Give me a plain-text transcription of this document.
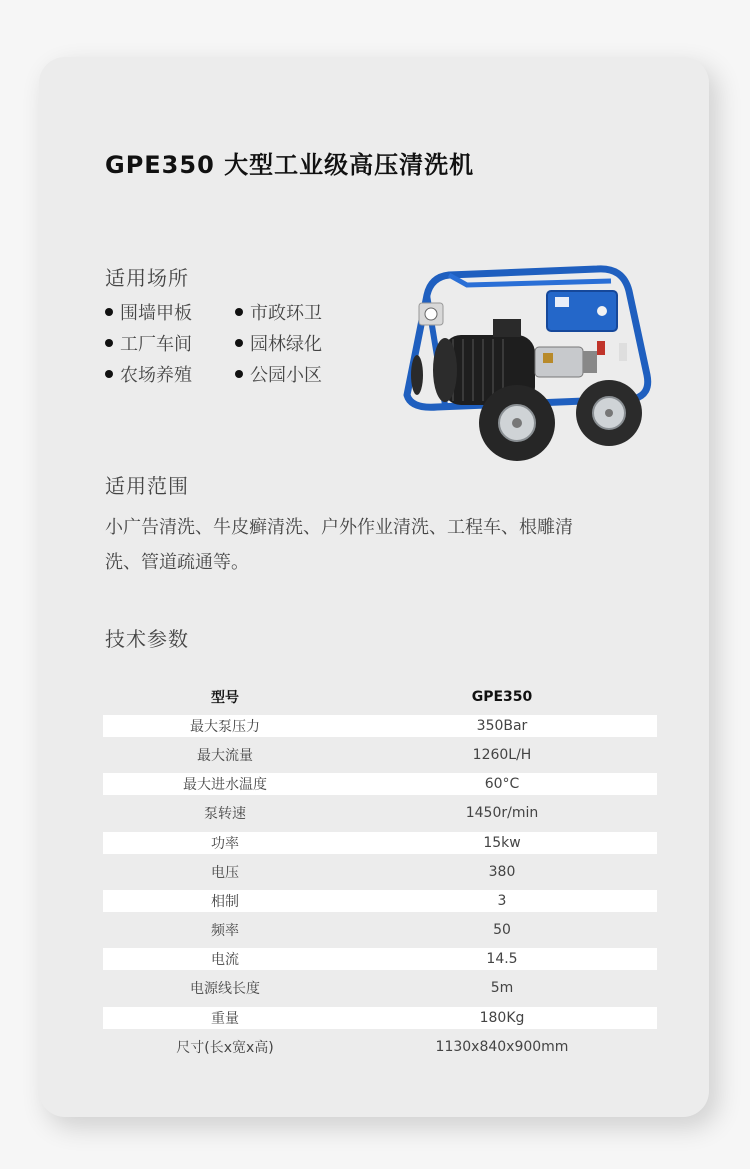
GPE350 大型工业级高压清洗机
适用场所
围墙甲板	市政环卫
工厂车间	园林绿化
农场养殖	公园小区
适用范围
小广告清洗、牛皮癣清洗、户外作业清洗、工程车、根雕清洗、管道疏通等。
技术参数
型号	GPE350
最大泵压力	350Bar
最大流量	1260L/H
最大进水温度	60°C
泵转速	1450r/min
功率	15kw
电压	380
相制	3
频率	50
电流	14.5
电源线长度	5m
重量	180Kg
尺寸(长x宽x高)	1130x840x900mm
